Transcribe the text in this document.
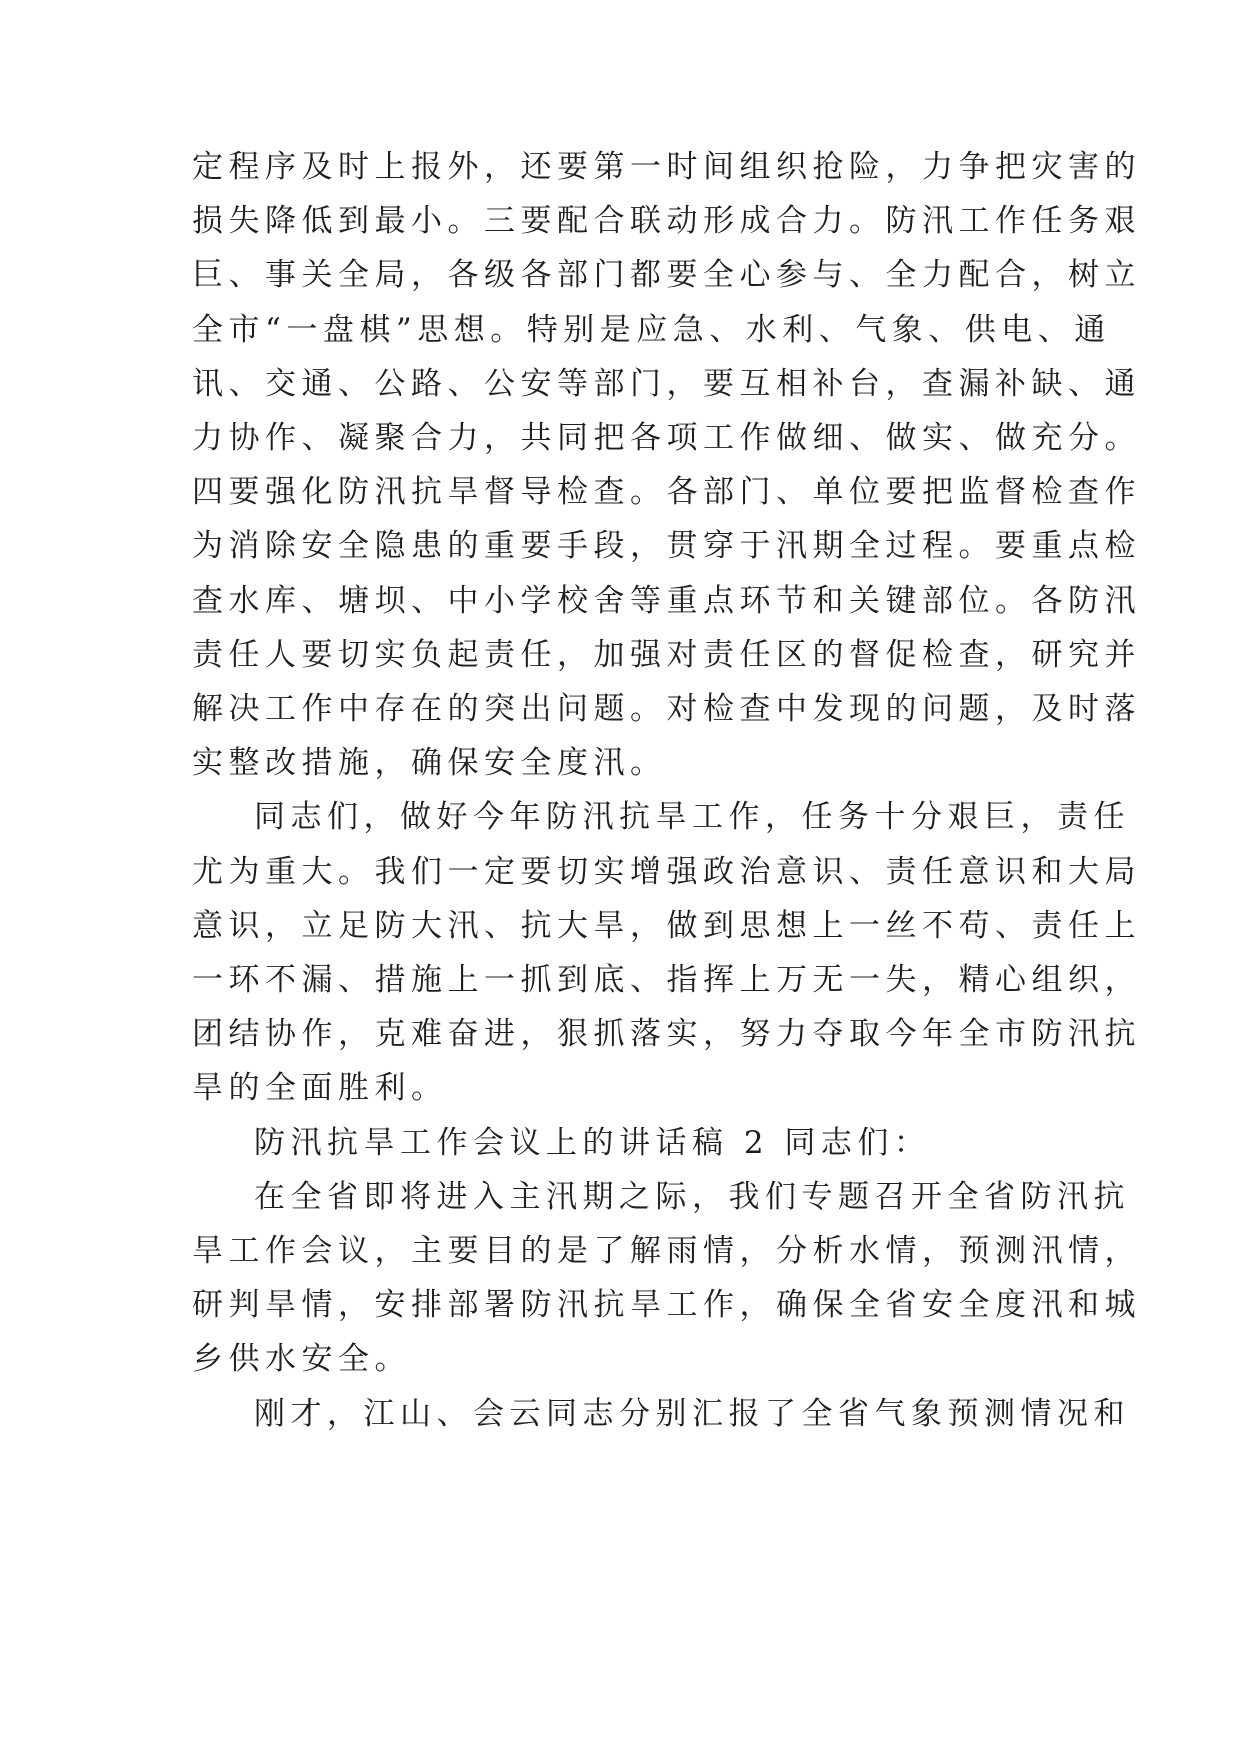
定程序及时上报外，还要第一时间组织抢险，力争把灾害的
损失降低到最小。三要配合联动形成合力。防汛工作任务艰
巨、事关全局，各级各部门都要全心参与、全力配合，树立
全市“一盘棋”思想。特别是应急、水利、气象、供电、通
讯、交通、公路、公安等部门，要互相补台，查漏补缺、通
力协作、凝聚合力，共同把各项工作做细、做实、做充分。
四要强化防汛抗旱督导检查。各部门、单位要把监督检查作
为消除安全隐患的重要手段，贯穿于汛期全过程。要重点检
查水库、塘坝、中小学校舍等重点环节和关键部位。各防汛
责任人要切实负起责任，加强对责任区的督促检查，研究并
解决工作中存在的突出问题。对检查中发现的问题，及时落
实整改措施，确保安全度汛。
同志们，做好今年防汛抗旱工作，任务十分艰巨，责任
尤为重大。我们一定要切实增强政治意识、责任意识和大局
意识，立足防大汛、抗大旱，做到思想上一丝不苟、责任上
一环不漏、措施上一抓到底、指挥上万无一失，精心组织，
团结协作，克难奋进，狠抓落实，努力夺取今年全市防汛抗
旱的全面胜利。
防汛抗旱工作会议上的讲话稿 2 同志们：
在全省即将进入主汛期之际，我们专题召开全省防汛抗
旱工作会议，主要目的是了解雨情，分析水情，预测汛情，
研判旱情，安排部署防汛抗旱工作，确保全省安全度汛和城
乡供水安全。
刚才，江山、会云同志分别汇报了全省气象预测情况和
